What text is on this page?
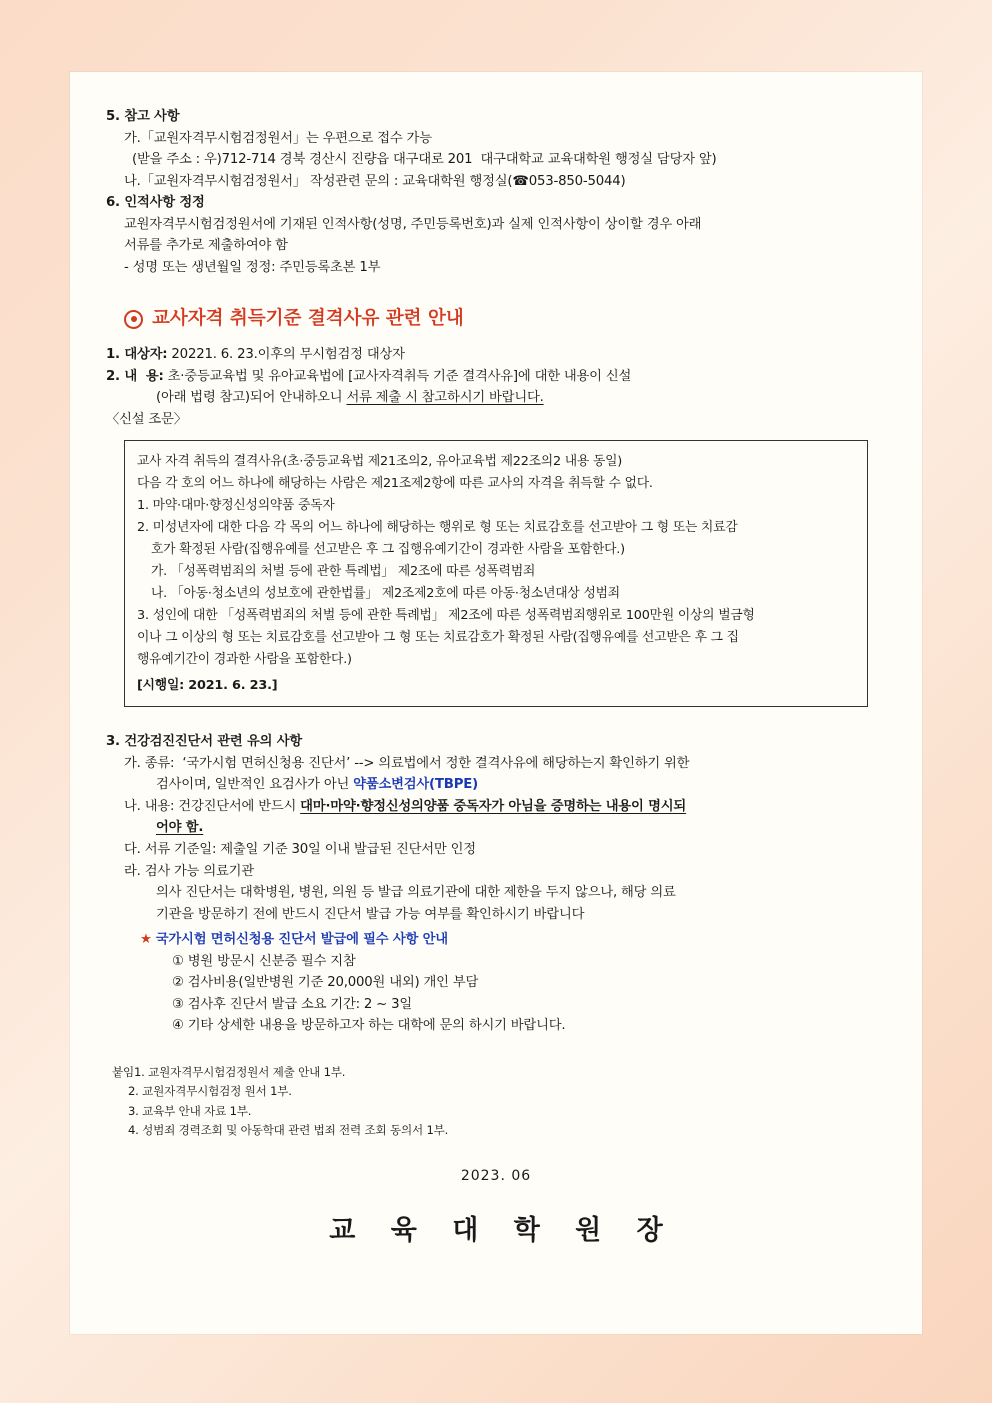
5. 참고 사항
가.「교원자격무시험검정원서」는 우편으로 접수 가능
(받을 주소 : 우)712-714 경북 경산시 진량읍 대구대로 201  대구대학교 교육대학원 행정실 담당자 앞)
나.「교원자격무시험검정원서」 작성관련 문의 : 교육대학원 행정실(☎053-850-5044)
6. 인적사항 정정
교원자격무시험검정원서에 기재된 인적사항(성명, 주민등록번호)과 실제 인적사항이 상이할 경우 아래
서류를 추가로 제출하여야 함
- 성명 또는 생년월일 정정: 주민등록초본 1부
교사자격 취득기준 결격사유 관련 안내
1. 대상자: 20221. 6. 23.이후의 무시험검정 대상자
2. 내  용: 초·중등교육법 및 유아교육법에 [교사자격취득 기준 결격사유]에 대한 내용이 신설
(아래 법령 참고)되어 안내하오니 서류 제출 시 참고하시기 바랍니다.
〈신설 조문〉
교사 자격 취득의 결격사유(초·중등교육법 제21조의2, 유아교육법 제22조의2 내용 동일)
다음 각 호의 어느 하나에 해당하는 사람은 제21조제2항에 따른 교사의 자격을 취득할 수 없다.
1. 마약·대마·향정신성의약품 중독자
2. 미성년자에 대한 다음 각 목의 어느 하나에 해당하는 행위로 형 또는 치료감호를 선고받아 그 형 또는 치료감
호가 확정된 사람(집행유예를 선고받은 후 그 집행유예기간이 경과한 사람을 포함한다.)
가. 「성폭력범죄의 처벌 등에 관한 특례법」 제2조에 따른 성폭력범죄
나. 「아동·청소년의 성보호에 관한법률」 제2조제2호에 따른 아동·청소년대상 성범죄
3. 성인에 대한 「성폭력범죄의 처벌 등에 관한 특례법」 제2조에 따른 성폭력범죄행위로 100만원 이상의 벌금형
이나 그 이상의 형 또는 치료감호를 선고받아 그 형 또는 치료감호가 확정된 사람(집행유예를 선고받은 후 그 집
행유예기간이 경과한 사람을 포함한다.)
[시행일: 2021. 6. 23.]
3. 건강검진진단서 관련 유의 사항
가. 종류:  ‘국가시험 면허신청용 진단서’ --> 의료법에서 정한 결격사유에 해당하는지 확인하기 위한
검사이며, 일반적인 요검사가 아닌 약품소변검사(TBPE)
나. 내용: 건강진단서에 반드시 대마·마약·향정신성의양품 중독자가 아님을 증명하는 내용이 명시되
어야 함.
다. 서류 기준일: 제출일 기준 30일 이내 발급된 진단서만 인정
라. 검사 가능 의료기관
의사 진단서는 대학병원, 병원, 의원 등 발급 의료기관에 대한 제한을 두지 않으나, 해당 의료
기관을 방문하기 전에 반드시 진단서 발급 가능 여부를 확인하시기 바랍니다
★ 국가시험 면허신청용 진단서 발급에 필수 사항 안내
① 병원 방문시 신분증 필수 지참
② 검사비용(일반병원 기준 20,000원 내외) 개인 부담
③ 검사후 진단서 발급 소요 기간: 2 ~ 3일
④ 기타 상세한 내용을 방문하고자 하는 대학에 문의 하시기 바랍니다.
붙임1. 교원자격무시험검정원서 제출 안내 1부.
2. 교원자격무시험검정 원서 1부.
3. 교육부 안내 자료 1부.
4. 성범죄 경력조회 및 아동학대 관련 법죄 전력 조회 동의서 1부.
2023. 06
교 육 대 학 원 장
